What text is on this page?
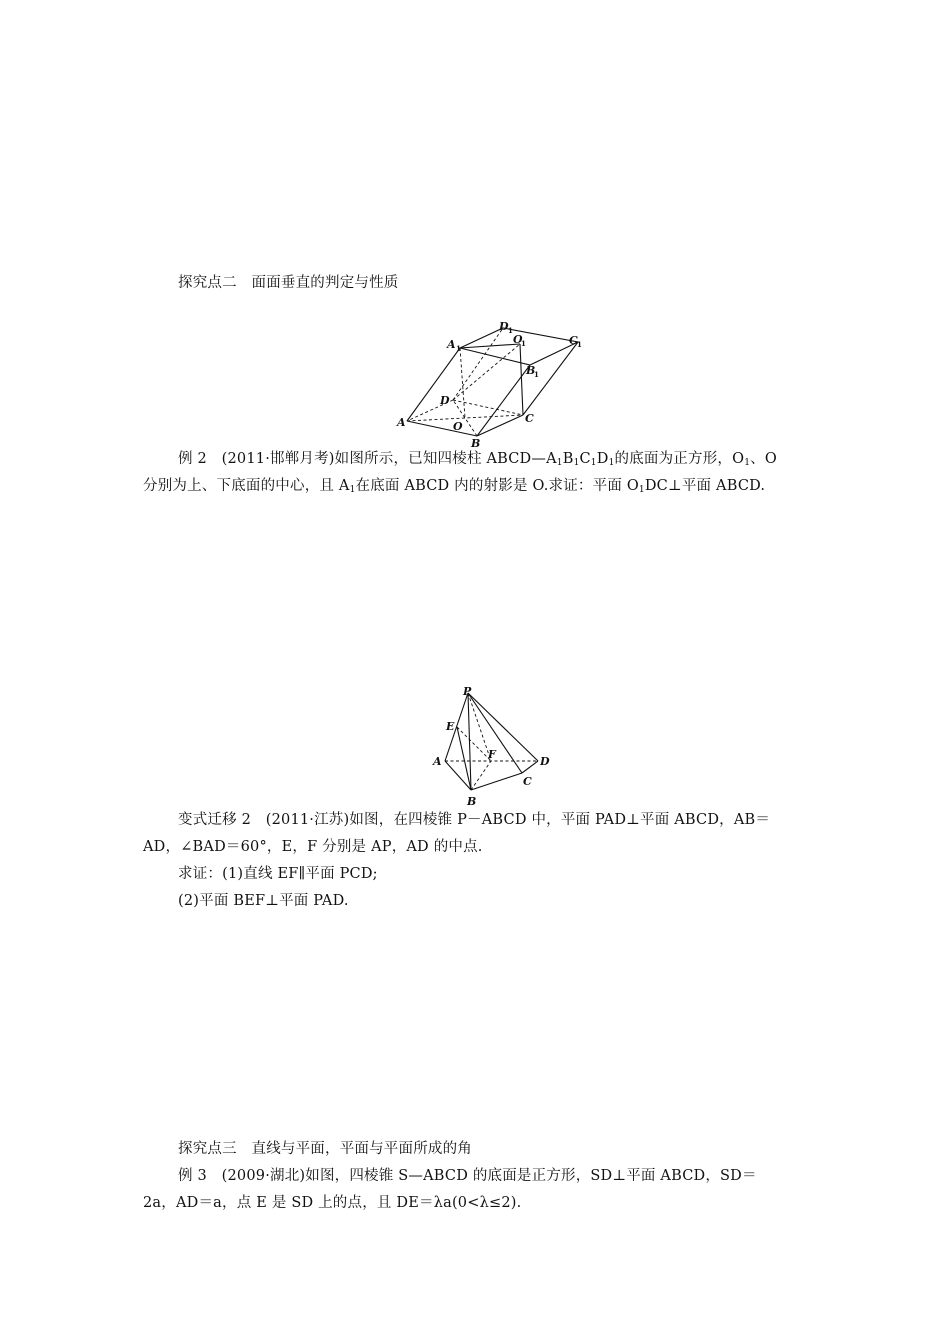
探究点二　面面垂直的判定与性质
A
B
C
D
O
A 1
D 1
O
1	C 1
B
1
例 2　(2011·邯郸月考)如图所示，已知四棱柱 $ABCD—A_1B_1C_1D_1$的底面为正方形，$O_1$、O
分别为上、下底面的中心，且 $A_1$在底面 ABCD 内的射影是 O.求证：平面 $O_1DC\perp$平面 ABCD.
P
E
F
A
B
C
D
变式迁移 2　(2011·江苏)如图，在四棱锥 P－ABCD 中，平面 PAD⊥平面 ABCD，AB＝
AD，∠BAD＝60°，E，F 分别是 AP，AD 的中点.
求证：(1)直线 EF∥平面 PCD;
(2)平面 BEF⊥平面 PAD.
探究点三　直线与平面，平面与平面所成的角
例 3　(2009·湖北)如图，四棱锥 S—ABCD 的底面是正方形，SD⊥平面 ABCD，SD＝
2a，AD＝a，点 E 是 SD 上的点，且 DE＝λa(0<λ≤2).
